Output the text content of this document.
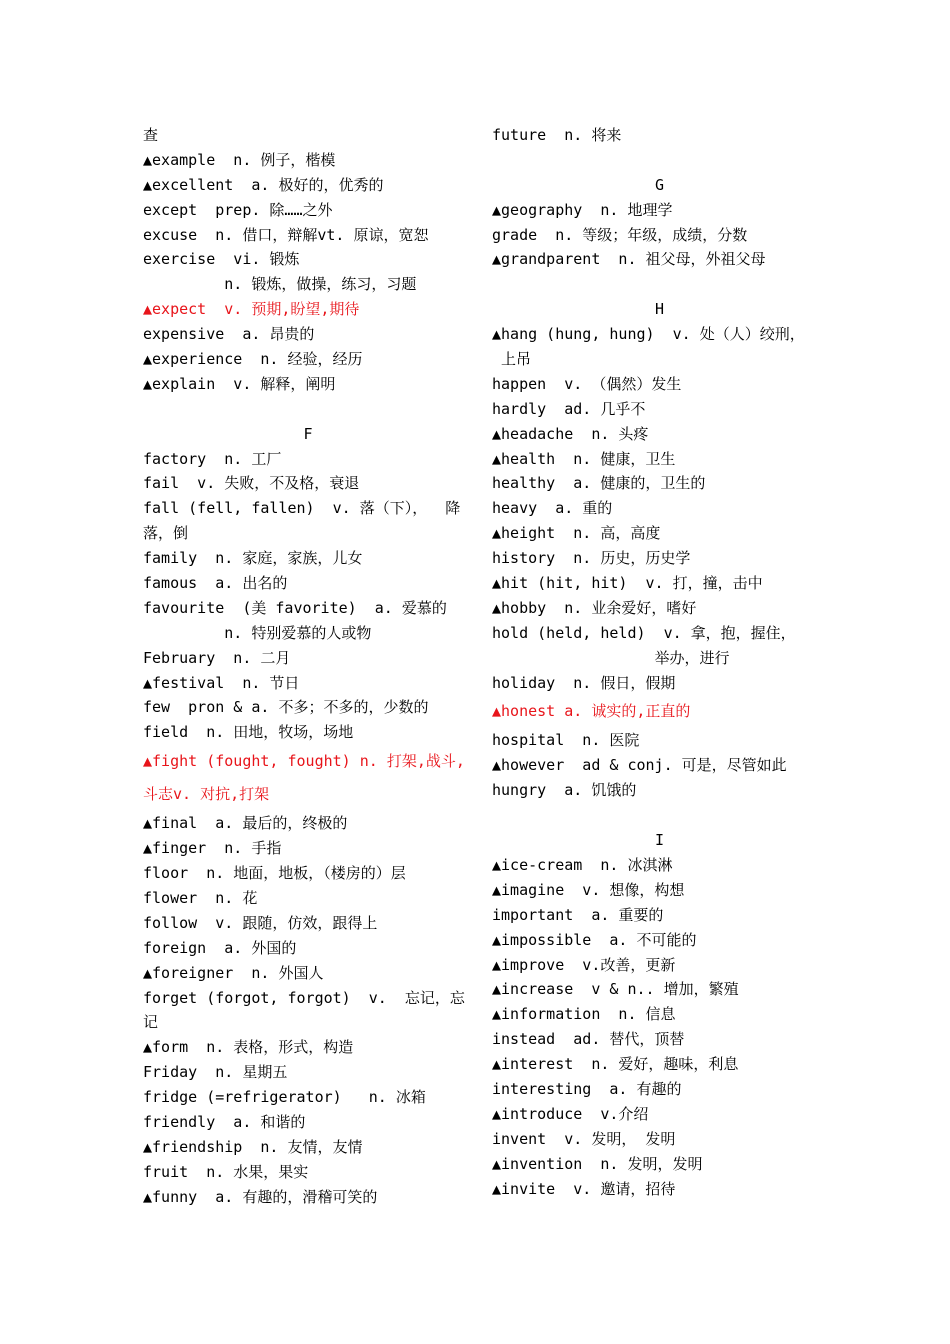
查
▲example  n. 例子，楷模
▲excellent  a. 极好的，优秀的
except  prep. 除……之外
excuse  n. 借口，辩解vt. 原谅，宽恕
exercise  vi. 锻炼
n. 锻炼，做操，练习，习题
▲expect  v. 预期,盼望,期待
expensive  a. 昂贵的
▲experience  n. 经验，经历
▲explain  v. 解释，阐明
F
factory  n. 工厂
fail  v. 失败，不及格，衰退
fall (fell, fallen)  v. 落（下），  降
落，倒
family  n. 家庭，家族，儿女
famous  a. 出名的
favourite  (美 favorite)  a. 爱慕的
n. 特别爱慕的人或物
February  n. 二月
▲festival  n. 节日
few  pron & a. 不多；不多的，少数的
field  n. 田地，牧场，场地
▲fight (fought, fought) n. 打架,战斗,
斗志v. 对抗,打架
▲final  a. 最后的，终极的
▲finger  n. 手指
floor  n. 地面，地板，（楼房的）层
flower  n. 花
follow  v. 跟随，仿效，跟得上
foreign  a. 外国的
▲foreigner  n. 外国人
forget (forgot, forgot)  v.  忘记，忘
记
▲form  n. 表格，形式，构造
Friday  n. 星期五
fridge (=refrigerator)   n. 冰箱
friendly  a. 和谐的
▲friendship  n. 友情，友情
fruit  n. 水果，果实
▲funny  a. 有趣的，滑稽可笑的
future  n. 将来
G
▲geography  n. 地理学
grade  n. 等级；年级，成绩，分数
▲grandparent  n. 祖父母，外祖父母
H
▲hang (hung, hung)  v. 处（人）绞刑，
上吊
happen  v. （偶然）发生
hardly  ad. 几乎不
▲headache  n. 头疼
▲health  n. 健康，卫生
healthy  a. 健康的，卫生的
heavy  a. 重的
▲height  n. 高，高度
history  n. 历史，历史学
▲hit (hit, hit)  v. 打，撞，击中
▲hobby  n. 业余爱好，嗜好
hold (held, held)  v. 拿，抱，握住，
举办，进行
holiday  n. 假日，假期
▲honest a. 诚实的,正直的
hospital  n. 医院
▲however  ad & conj. 可是，尽管如此
hungry  a. 饥饿的
I
▲ice-cream  n. 冰淇淋
▲imagine  v. 想像，构想
important  a. 重要的
▲impossible  a. 不可能的
▲improve  v.改善，更新
▲increase  v & n.. 增加，繁殖
▲information  n. 信息
instead  ad. 替代，顶替
▲interest  n. 爱好，趣味，利息
interesting  a. 有趣的
▲introduce  v.介绍
invent  v. 发明， 发明
▲invention  n. 发明，发明
▲invite  v. 邀请，招待
